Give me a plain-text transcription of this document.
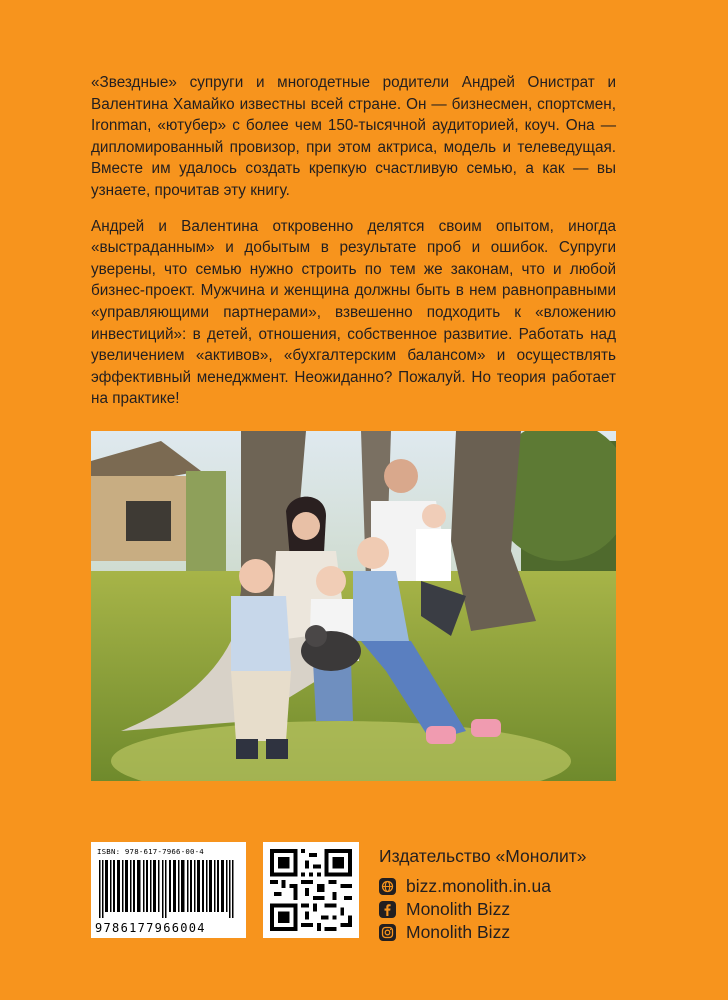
«Звездные» супруги и многодетные родители Андрей Онистрат и Валентина Хамайко известны всей стране. Он — бизнесмен, спортсмен, Ironman, «ютубер» с более чем 150-тысячной аудиторией, коуч. Она — дипломированный провизор, при этом актриса, модель и телеведущая. Вместе им удалось создать крепкую счастливую семью, а как — вы узнаете, прочитав эту книгу.

Андрей и Валентина откровенно делятся своим опытом, иногда «выстраданным» и добытым в результате проб и ошибок. Супруги уверены, что семью нужно строить по тем же законам, что и любой бизнес-проект. Мужчина и женщина должны быть в нем равноправными «управляющими партнерами», взвешенно подходить к «вложению инвестиций»: в детей, отношения, собственное развитие. Работать над увеличением «активов», «бухгалтерским балансом» и осуществлять эффективный менеджмент. Неожиданно? Пожалуй. Но теория работает на практике!

ISBN: 978-617-7966-00-4
9786177966004
Издательство «Монолит»
bizz.monolith.in.ua
Monolith Bizz
Monolith Bizz
